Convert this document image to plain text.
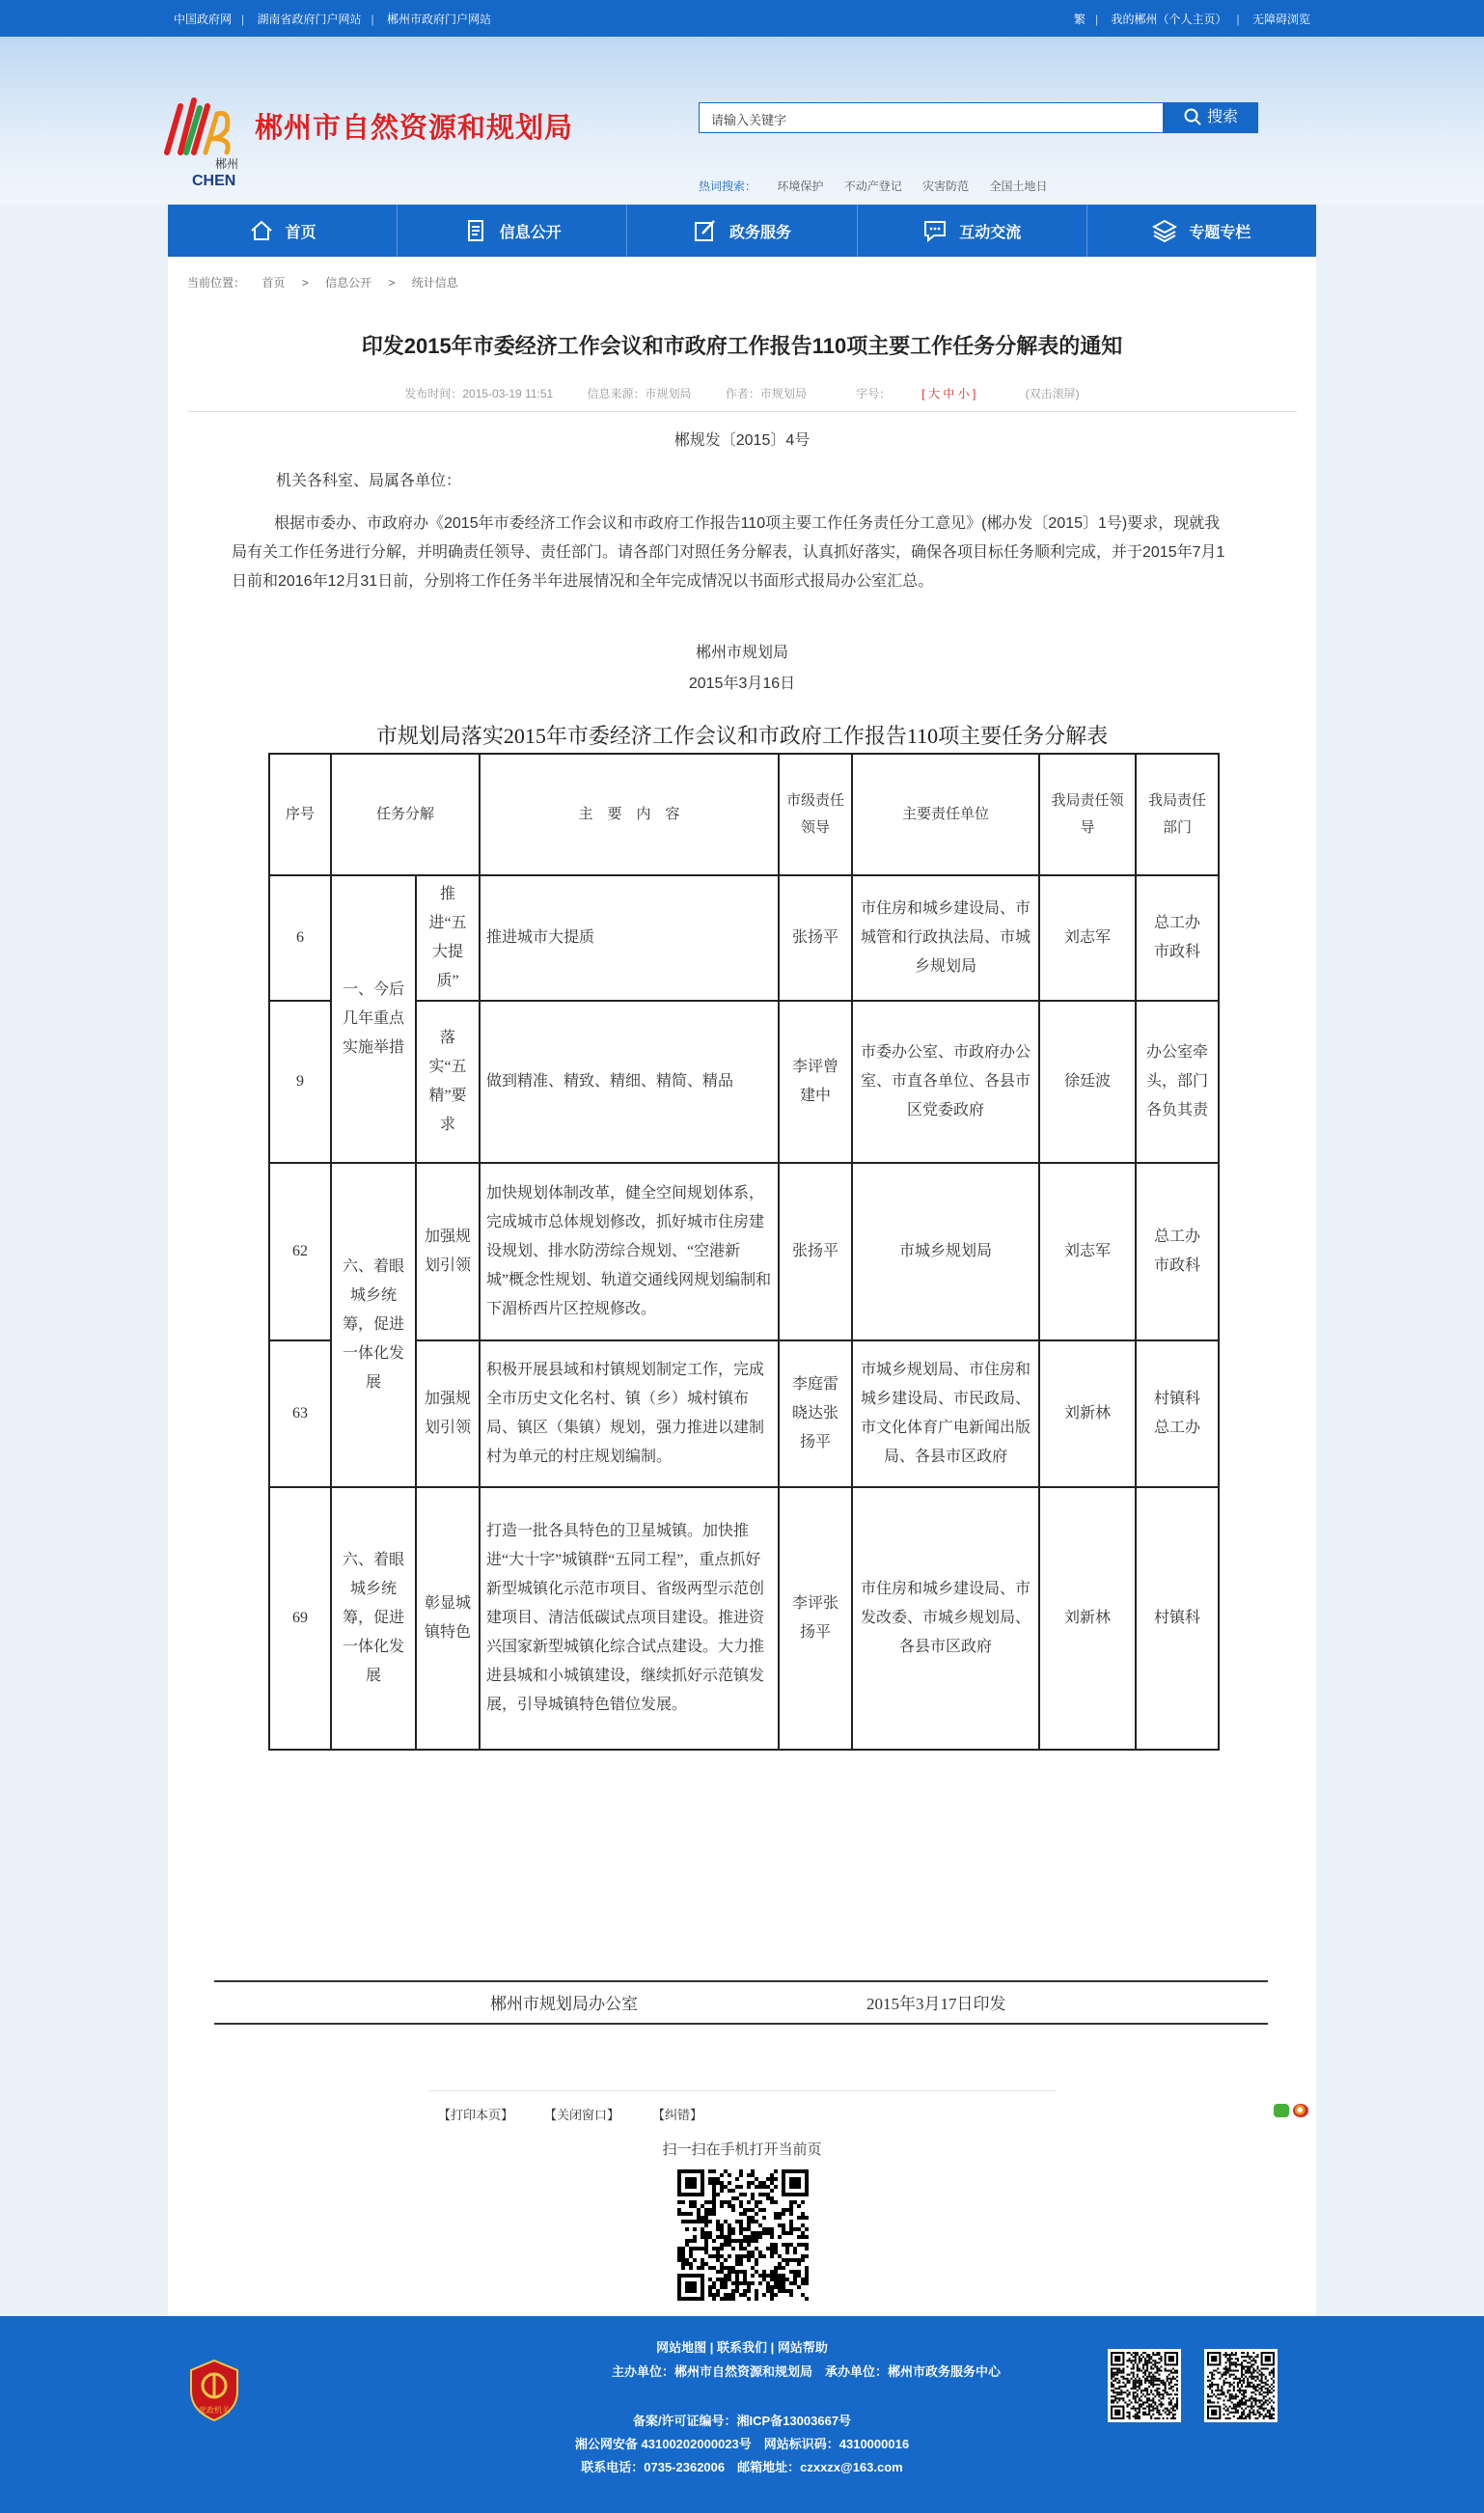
中国政府网 | 湖南省政府门户网站 | 郴州市政府门户网站	繁 | 我的郴州（个人主页） | 无障碍浏览
郴州
CHEN
郴州市自然资源和规划局	请输入关键字	搜索
热词搜索： 环境保护 不动产登记 灾害防范 全国土地日
首页	信息公开	政务服务	互动交流	专题专栏
当前位置： 首页 > 信息公开 > 统计信息
印发2015年市委经济工作会议和市政府工作报告110项主要工作任务分解表的通知
发布时间：2015-03-19 11:51	信息来源：市规划局	作者：市规划局	字号：	[ 大 中 小 ]	(双击滚屏)
郴规发〔2015〕4号
机关各科室、局属各单位：
根据市委办、市政府办《2015年市委经济工作会议和市政府工作报告110项主要工作任务责任分工意见》(郴办发〔2015〕1号)要求，现就我局有关工作任务进行分解，并明确责任领导、责任部门。请各部门对照任务分解表，认真抓好落实，确保各项目标任务顺利完成，并于2015年7月1日前和2016年12月31日前，分别将工作任务半年进展情况和全年完成情况以书面形式报局办公室汇总。
郴州市规划局
2015年3月16日
市规划局落实2015年市委经济工作会议和市政府工作报告110项主要任务分解表
序号	任务分解		主　要　内　容	市级责任领导	主要责任单位	我局责任领导	我局责任部门
6	一、今后几年重点实施举措	推进“五大提质”	推进城市大提质	张扬平	市住房和城乡建设局、市城管和行政执法局、市城乡规划局	刘志军	总工办　市政科
9		落实“五精”要求	做到精准、精致、精细、精简、精品	李评曾建中	市委办公室、市政府办公室、市直各单位、各县市区党委政府	徐廷波	办公室牵头，部门各负其责
62	六、着眼城乡统筹，促进一体化发展	加强规划引领	加快规划体制改革，健全空间规划体系，完成城市总体规划修改，抓好城市住房建设规划、排水防涝综合规划、“空港新城”概念性规划、轨道交通线网规划编制和下湄桥西片区控规修改。	张扬平	市城乡规划局	刘志军	总工办　市政科
63		加强规划引领	积极开展县域和村镇规划制定工作，完成全市历史文化名村、镇（乡）城村镇布局、镇区（集镇）规划，强力推进以建制村为单元的村庄规划编制。	李庭雷晓达张扬平	市城乡规划局、市住房和城乡建设局、市民政局、市文化体育广电新闻出版局、各县市区政府	刘新林	村镇科　总工办
69	六、着眼城乡统筹，促进一体化发展	彰显城镇特色	打造一批各具特色的卫星城镇。加快推进“大十字”城镇群“五同工程”，重点抓好新型城镇化示范市项目、省级两型示范创建项目、清洁低碳试点项目建设。推进资兴国家新型城镇化综合试点建设。大力推进县城和小城镇建设，继续抓好示范镇发展，引导城镇特色错位发展。	李评张扬平	市住房和城乡建设局、市发改委、市城乡规划局、各县市区政府	刘新林	村镇科
郴州市规划局办公室	2015年3月17日印发
【打印本页】 【关闭窗口】	【纠错】
扫一扫在手机打开当前页
党政机关
网站地图 | 联系我们 | 网站帮助
主办单位：郴州市自然资源和规划局　承办单位：郴州市政务服务中心
备案/许可证编号：湘ICP备13003667号
湘公网安备 43100202000023号　网站标识码：4310000016
联系电话：0735-2362006　邮箱地址：czxxzx@163.com
